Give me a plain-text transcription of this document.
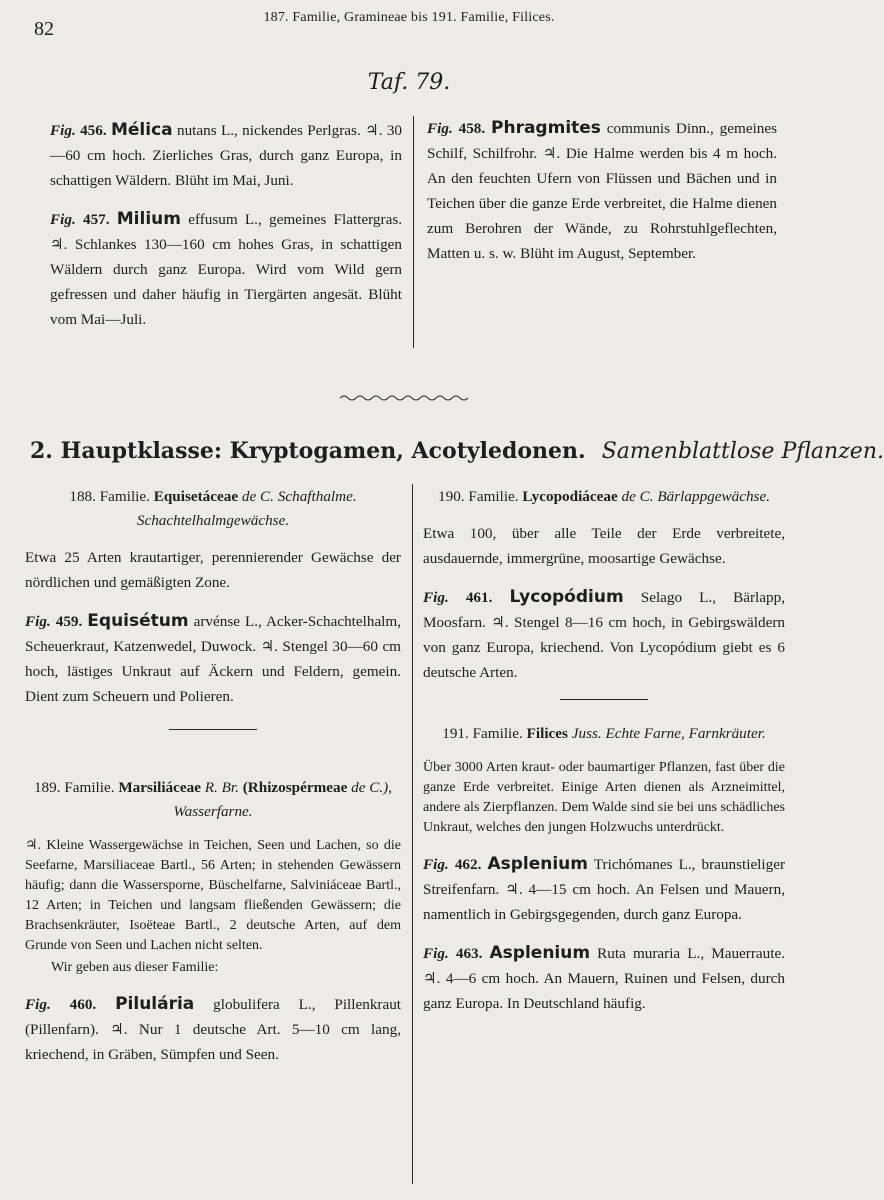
82
187. Familie, Gramineae bis 191. Familie, Filices.
Taf. 79.

Fig. 456. Mélica nutans L., nickendes Perlgras. ♃. 30—60 cm hoch. Zierliches Gras, durch ganz Europa, in schattigen Wäldern. Blüht im Mai, Juni.

Fig. 457. Milium effusum L., gemeines Flattergras. ♃. Schlankes 130—160 cm hohes Gras, in schattigen Wäldern durch ganz Europa. Wird vom Wild gern gefressen und daher häufig in Tiergärten angesät. Blüht vom Mai—Juli.

Fig. 458. Phragmites communis Dinn., gemeines Schilf, Schilfrohr. ♃. Die Halme werden bis 4 m hoch. An den feuchten Ufern von Flüssen und Bächen und in Teichen über die ganze Erde verbreitet, die Halme dienen zum Berohren der Wände, zu Rohrstuhlgeflechten, Matten u. s. w. Blüht im August, September.

2. Hauptklasse: Kryptogamen, Acotyledonen. Samenblattlose Pflanzen.

188. Familie. Equisetáceae de C. Schafthalme. Schachtelhalmgewächse.

Etwa 25 Arten krautartiger, perennierender Gewächse der nördlichen und gemäßigten Zone.

Fig. 459. Equisétum arvénse L., Acker-Schachtelhalm, Scheuerkraut, Katzenwedel, Duwock. ♃. Stengel 30—60 cm hoch, lästiges Unkraut auf Äckern und Feldern, gemein. Dient zum Scheuern und Polieren.

189. Familie. Marsiliáceae R. Br. (Rhizospérmeae de C.), Wasserfarne.

♃. Kleine Wassergewächse in Teichen, Seen und Lachen, so die Seefarne, Marsiliaceae Bartl., 56 Arten; in stehenden Gewässern häufig; dann die Wassersporne, Büschelfarne, Salviniáceae Bartl., 12 Arten; in Teichen und langsam fließenden Gewässern; die Brachsenkräuter, Isoëteae Bartl., 2 deutsche Arten, auf dem Grunde von Seen und Lachen nicht selten.

Wir geben aus dieser Familie:

Fig. 460. Pilulária globulifera L., Pillenkraut (Pillenfarn). ♃. Nur 1 deutsche Art. 5—10 cm lang, kriechend, in Gräben, Sümpfen und Seen.

190. Familie. Lycopodiáceae de C. Bärlappgewächse.

Etwa 100, über alle Teile der Erde verbreitete, ausdauernde, immergrüne, moosartige Gewächse.

Fig. 461. Lycopódium Selago L., Bärlapp, Moosfarn. ♃. Stengel 8—16 cm hoch, in Gebirgswäldern von ganz Europa, kriechend. Von Lycopódium giebt es 6 deutsche Arten.

191. Familie. Filices Juss. Echte Farne, Farnkräuter.

Über 3000 Arten kraut- oder baumartiger Pflanzen, fast über die ganze Erde verbreitet. Einige Arten dienen als Arzneimittel, andere als Zierpflanzen. Dem Walde sind sie bei uns schädliches Unkraut, welches den jungen Holzwuchs unterdrückt.

Fig. 462. Asplenium Trichómanes L., braunstieliger Streifenfarn. ♃. 4—15 cm hoch. An Felsen und Mauern, namentlich in Gebirgsgegenden, durch ganz Europa.

Fig. 463. Asplenium Ruta muraria L., Mauerraute. ♃. 4—6 cm hoch. An Mauern, Ruinen und Felsen, durch ganz Europa. In Deutschland häufig.
